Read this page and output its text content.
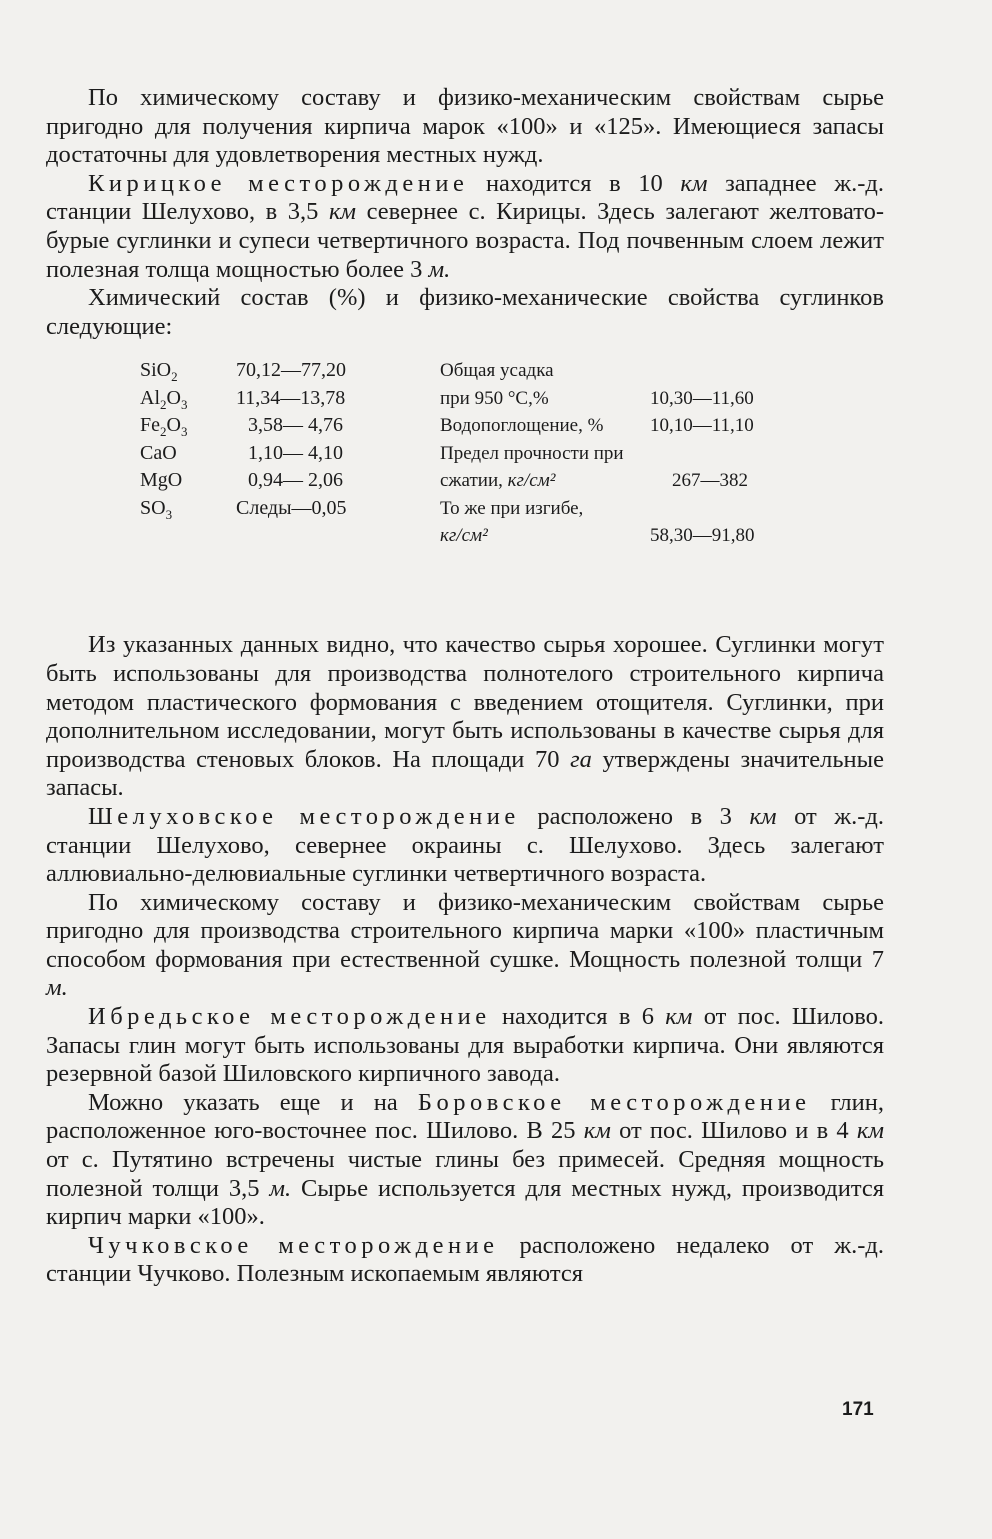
По химическому составу и физико-механическим свойствам сырье пригодно для получения кирпича марок «100» и «125». Имеющиеся запасы достаточны для удовлетворения местных нужд.

Кирицкое месторождение находится в 10 км западнее ж.-д. станции Шелухово, в 3,5 км севернее с. Кирицы. Здесь залегают желтовато-бурые суглинки и супеси четвертичного возраста. Под почвенным слоем лежит полезная толща мощностью более 3 м.

Химический состав (%) и физико-механические свойства суглинков следующие:

SiO$_2$	70,12—77,20
$Al_2O_3$	11,34—13,78
$Fe_2O_3$	3,58— 4,76
CaO	1,10— 4,10
MgO	0,94— 2,06
$SO_3$	Следы—0,05
Общая усадка
при 950 °С,%	10,30—11,60
Водопоглощение, %	10,10—11,10
Предел прочности при
сжатии, кг/см²	267—382
То же при изгибе,
кг/см²	58,30—91,80

Из указанных данных видно, что качество сырья хорошее. Суглинки могут быть использованы для производства полнотелого строительного кирпича методом пластического формования с введением отощителя. Суглинки, при дополнительном исследовании, могут быть использованы в качестве сырья для производства стеновых блоков. На площади 70 га утверждены значительные запасы.

Шелуховское месторождение расположено в 3 км от ж.-д. станции Шелухово, севернее окраины с. Шелухово. Здесь залегают аллювиально-делювиальные суглинки четвертичного возраста.

По химическому составу и физико-механическим свойствам сырье пригодно для производства строительного кирпича марки «100» пластичным способом формования при естественной сушке. Мощность полезной толщи 7 м.

Ибредьское месторождение находится в 6 км от пос. Шилово. Запасы глин могут быть использованы для выработки кирпича. Они являются резервной базой Шиловского кирпичного завода.

Можно указать еще и на Боровское месторождение глин, расположенное юго-восточнее пос. Шилово. В 25 км от пос. Шилово и в 4 км от с. Путятино встречены чистые глины без примесей. Средняя мощность полезной толщи 3,5 м. Сырье используется для местных нужд, производится кирпич марки «100».

Чучковское месторождение расположено недалеко от ж.-д. станции Чучково. Полезным ископаемым являются

171
